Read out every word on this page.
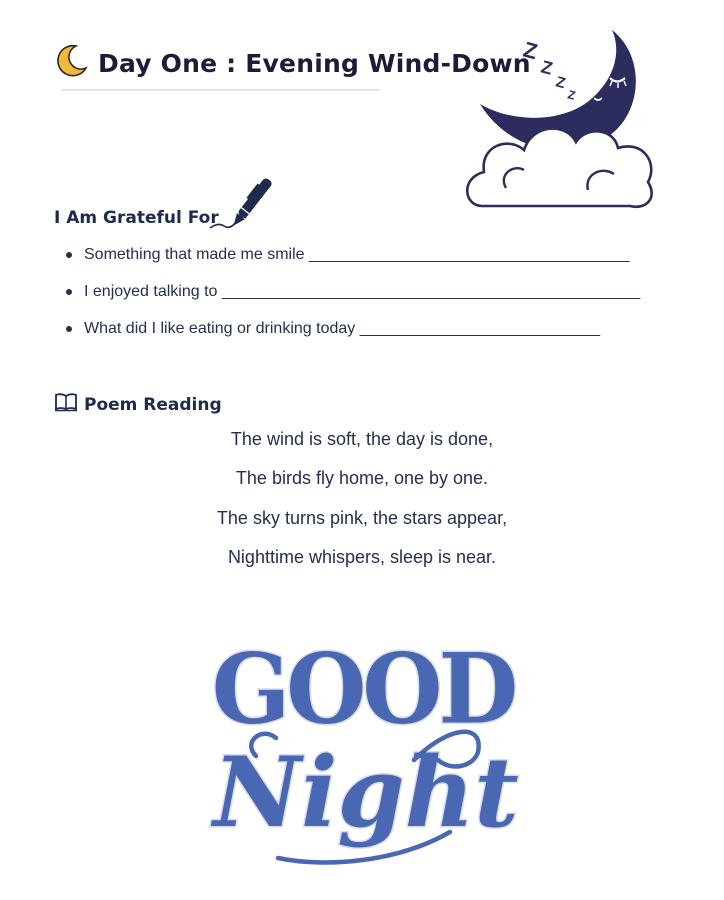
Day One : Evening Wind-Down
Z
Z
Z
Z
I Am Grateful For
Something that made me smile ____________________________________
I enjoyed talking to _______________________________________________
What did I like eating or drinking today ___________________________
Poem Reading
The wind is soft, the day is done,
The birds fly home, one by one.
The sky turns pink, the stars appear,
Nighttime whispers, sleep is near.
GOOD
Night
